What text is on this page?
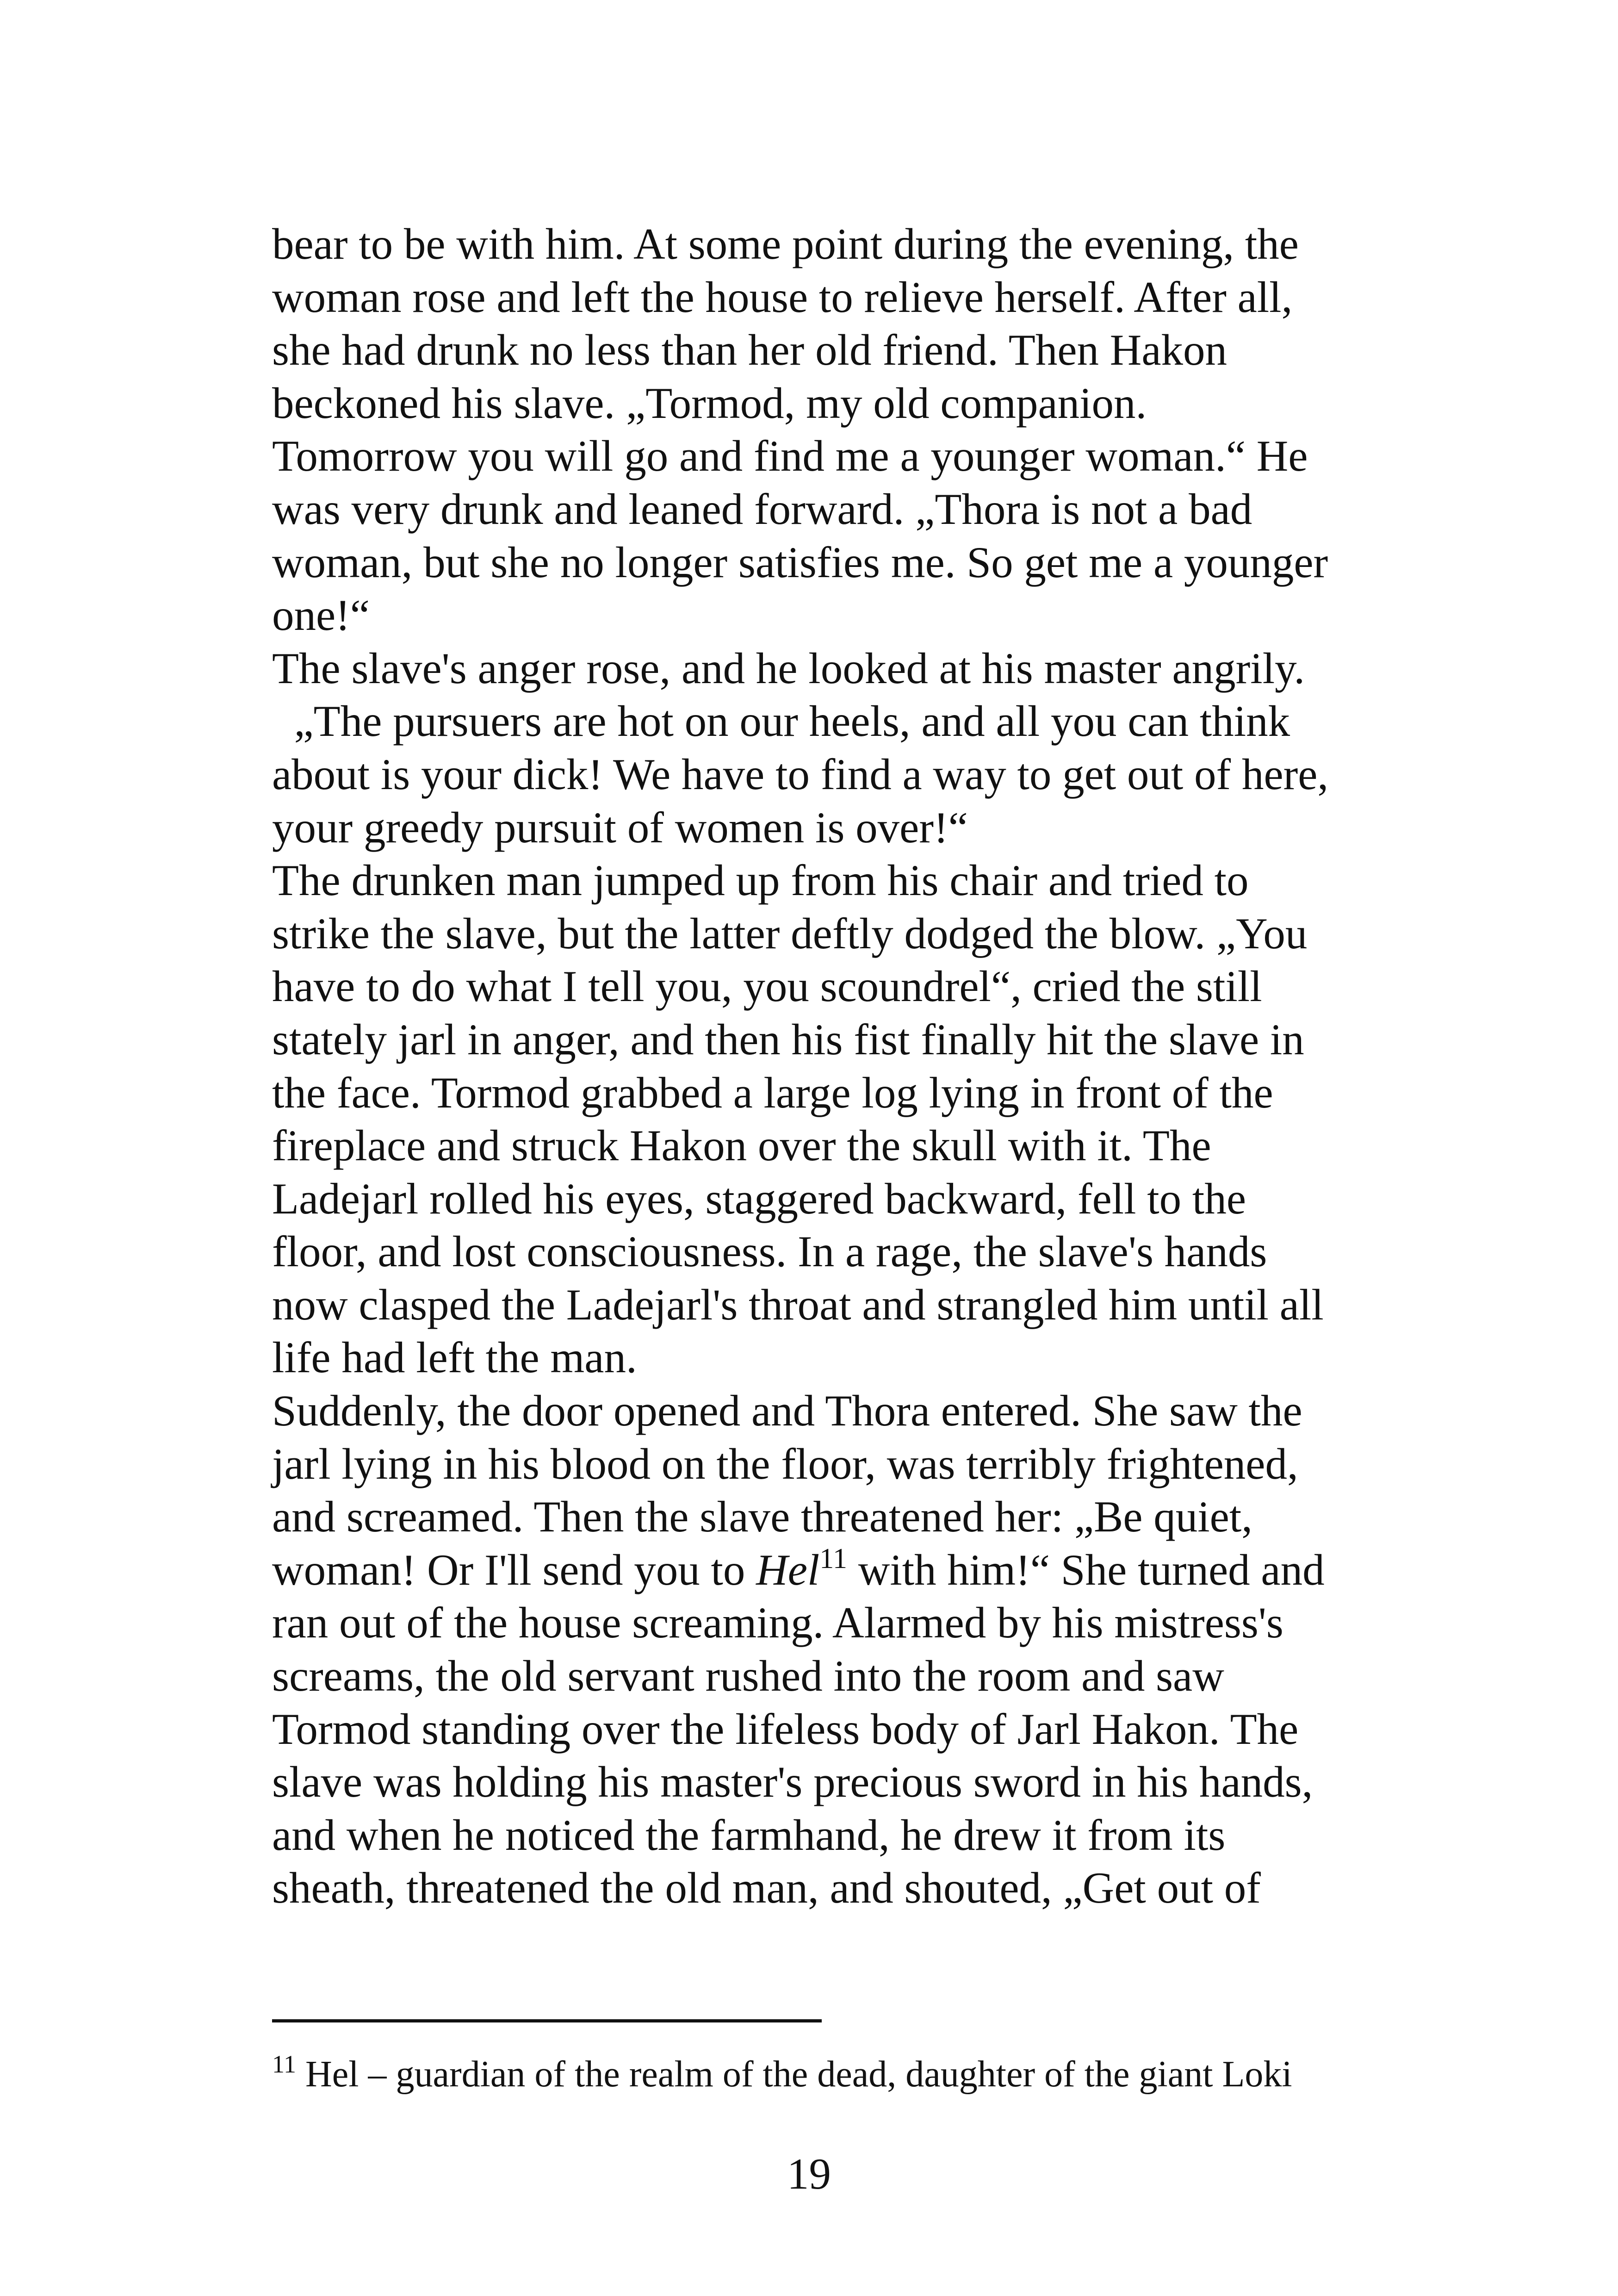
bear to be with him. At some point during the evening, the
woman rose and left the house to relieve herself. After all,
she had drunk no less than her old friend. Then Hakon
beckoned his slave. „Tormod, my old companion.
Tomorrow you will go and find me a younger woman.“ He
was very drunk and leaned forward. „Thora is not a bad
woman, but she no longer satisfies me. So get me a younger
one!“
The slave's anger rose, and he looked at his master angrily.
„The pursuers are hot on our heels, and all you can think
about is your dick! We have to find a way to get out of here,
your greedy pursuit of women is over!“
The drunken man jumped up from his chair and tried to
strike the slave, but the latter deftly dodged the blow. „You
have to do what I tell you, you scoundrel“, cried the still
stately jarl in anger, and then his fist finally hit the slave in
the face. Tormod grabbed a large log lying in front of the
fireplace and struck Hakon over the skull with it. The
Ladejarl rolled his eyes, staggered backward, fell to the
floor, and lost consciousness. In a rage, the slave's hands
now clasped the Ladejarl's throat and strangled him until all
life had left the man.
Suddenly, the door opened and Thora entered. She saw the
jarl lying in his blood on the floor, was terribly frightened,
and screamed. Then the slave threatened her: „Be quiet,
woman! Or I'll send you to Hel$^{11}$ with him!“ She turned and
ran out of the house screaming. Alarmed by his mistress's
screams, the old servant rushed into the room and saw
Tormod standing over the lifeless body of Jarl Hakon. The
slave was holding his master's precious sword in his hands,
and when he noticed the farmhand, he drew it from its
sheath, threatened the old man, and shouted, „Get out of
$^{11}$ Hel – guardian of the realm of the dead, daughter of the giant Loki
19
